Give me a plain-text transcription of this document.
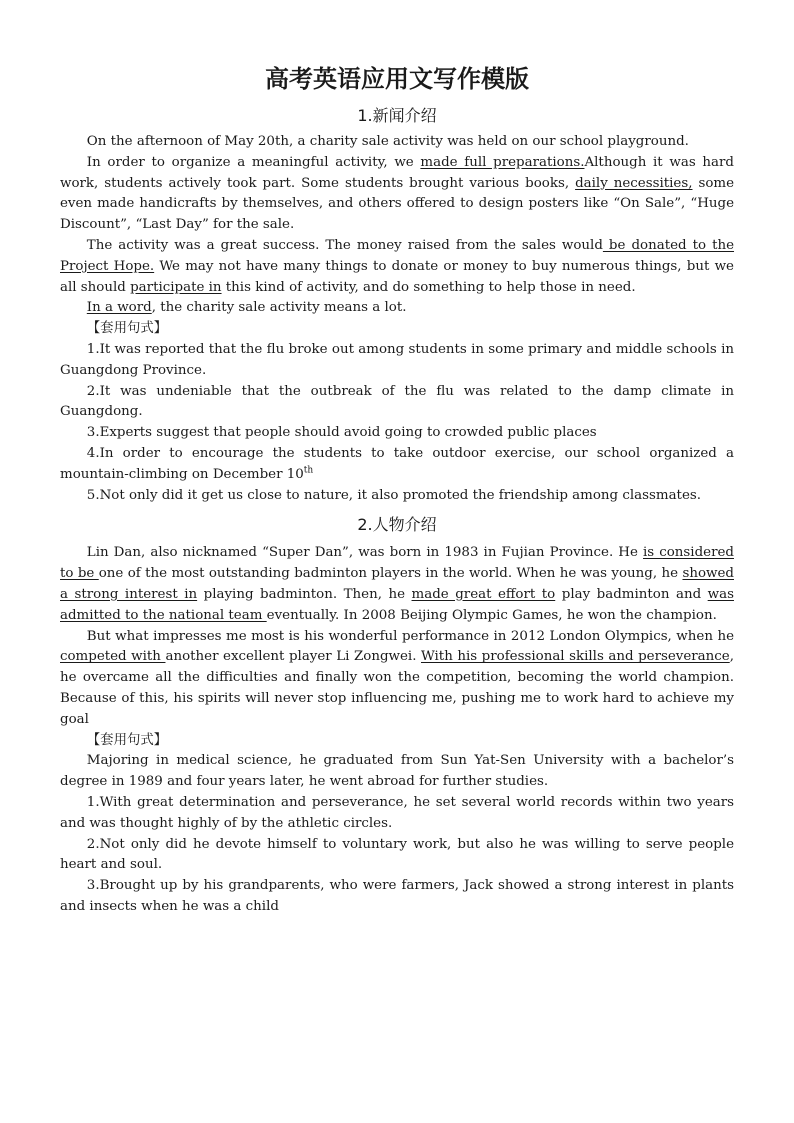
高考英语应用文写作模版
1.新闻介绍

On the afternoon of May 20th, a charity sale activity was held on our school playground.

In order to organize a meaningful activity, we made full preparations.Although it was hard work, students actively took part. Some students brought various books, daily necessities, some even made handicrafts by themselves, and others offered to design posters like “On Sale”, “Huge Discount”, “Last Day” for the sale.

The activity was a great success. The money raised from the sales would be donated to the Project Hope. We may not have many things to donate or money to buy numerous things, but we all should participate in this kind of activity, and do something to help those in need.

In a word, the charity sale activity means a lot.

【套用句式】

1.It was reported that the flu broke out among students in some primary and middle schools in Guangdong Province.

2.It was undeniable that the outbreak of the flu was related to the damp climate in Guangdong.

3.Experts suggest that people should avoid going to crowded public places

4.In order to encourage the students to take outdoor exercise, our school organized a mountain-climbing on December 10th

5.Not only did it get us close to nature, it also promoted the friendship among classmates.

2.人物介绍

Lin Dan, also nicknamed “Super Dan”, was born in 1983 in Fujian Province. He is considered to be one of the most outstanding badminton players in the world. When he was young, he showed a strong interest in playing badminton. Then, he made great effort to play badminton and was admitted to the national team eventually. In 2008 Beijing Olympic Games, he won the champion.

But what impresses me most is his wonderful performance in 2012 London Olympics, when he competed with another excellent player Li Zongwei. With his professional skills and perseverance, he overcame all the difficulties and finally won the competition, becoming the world champion. Because of this, his spirits will never stop influencing me, pushing me to work hard to achieve my goal

【套用句式】

Majoring in medical science, he graduated from Sun Yat-Sen University with a bachelor’s degree in 1989 and four years later, he went abroad for further studies.

1.With great determination and perseverance, he set several world records within two years and was thought highly of by the athletic circles.

2.Not only did he devote himself to voluntary work, but also he was willing to serve people heart and soul.

3.Brought up by his grandparents, who were farmers, Jack showed a strong interest in plants and insects when he was a child
